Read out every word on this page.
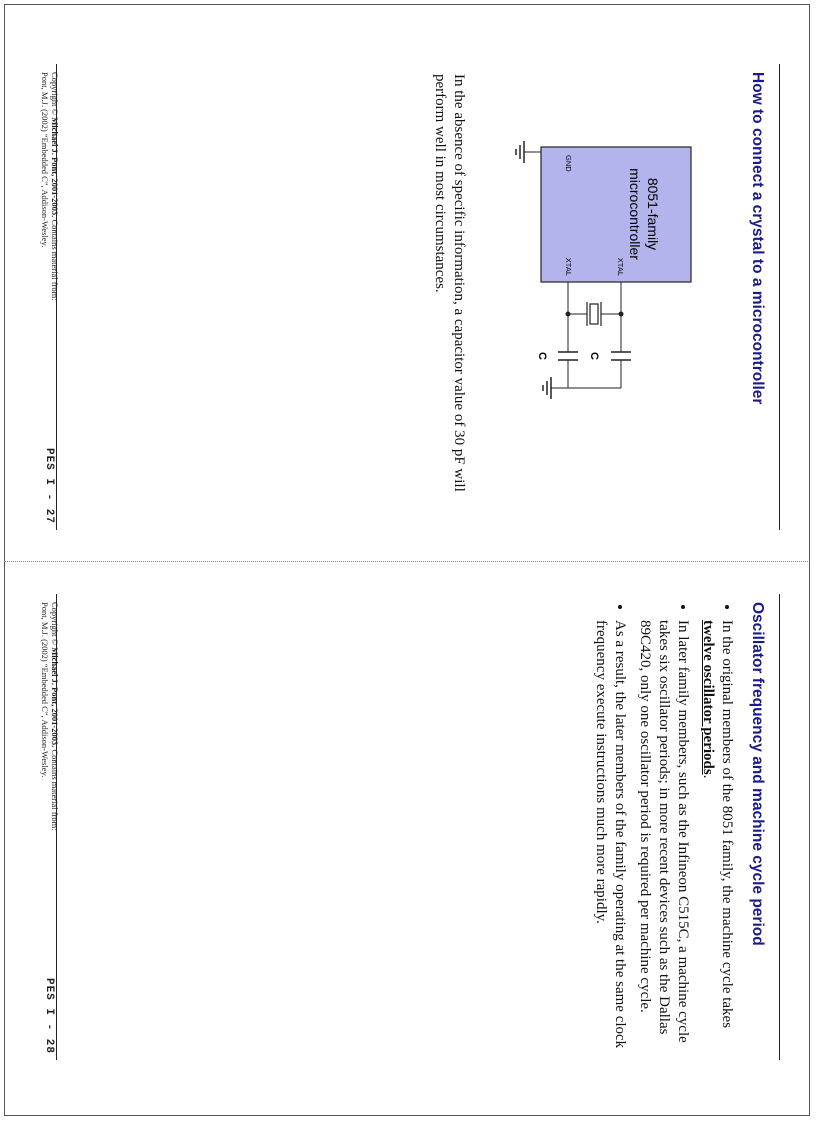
How to connect a crystal to a microcontroller
8051-family
microcontroller
XTAL
XTAL
GND
C
C
In the absence of specific information, a capacitor value of 30 pF will perform well in most circumstances.
Copyright © Michael J. Pont, 2001-2003. Contains material from:
Pont, M.J. (2002) “Embedded C”, Addison-Wesley.
PES I - 27
Oscillator frequency and machine cycle period
• In the original members of the 8051 family, the machine cycle takes twelve oscillator periods.
• In later family members, such as the Infineon C515C, a machine cycle takes six oscillator periods; in more recent devices such as the Dallas 89C420, only one oscillator period is required per machine cycle.
• As a result, the later members of the family operating at the same clock frequency execute instructions much more rapidly.
Copyright © Michael J. Pont, 2001-2003. Contains material from:
Pont, M.J. (2002) “Embedded C”, Addison-Wesley.
PES I - 28
